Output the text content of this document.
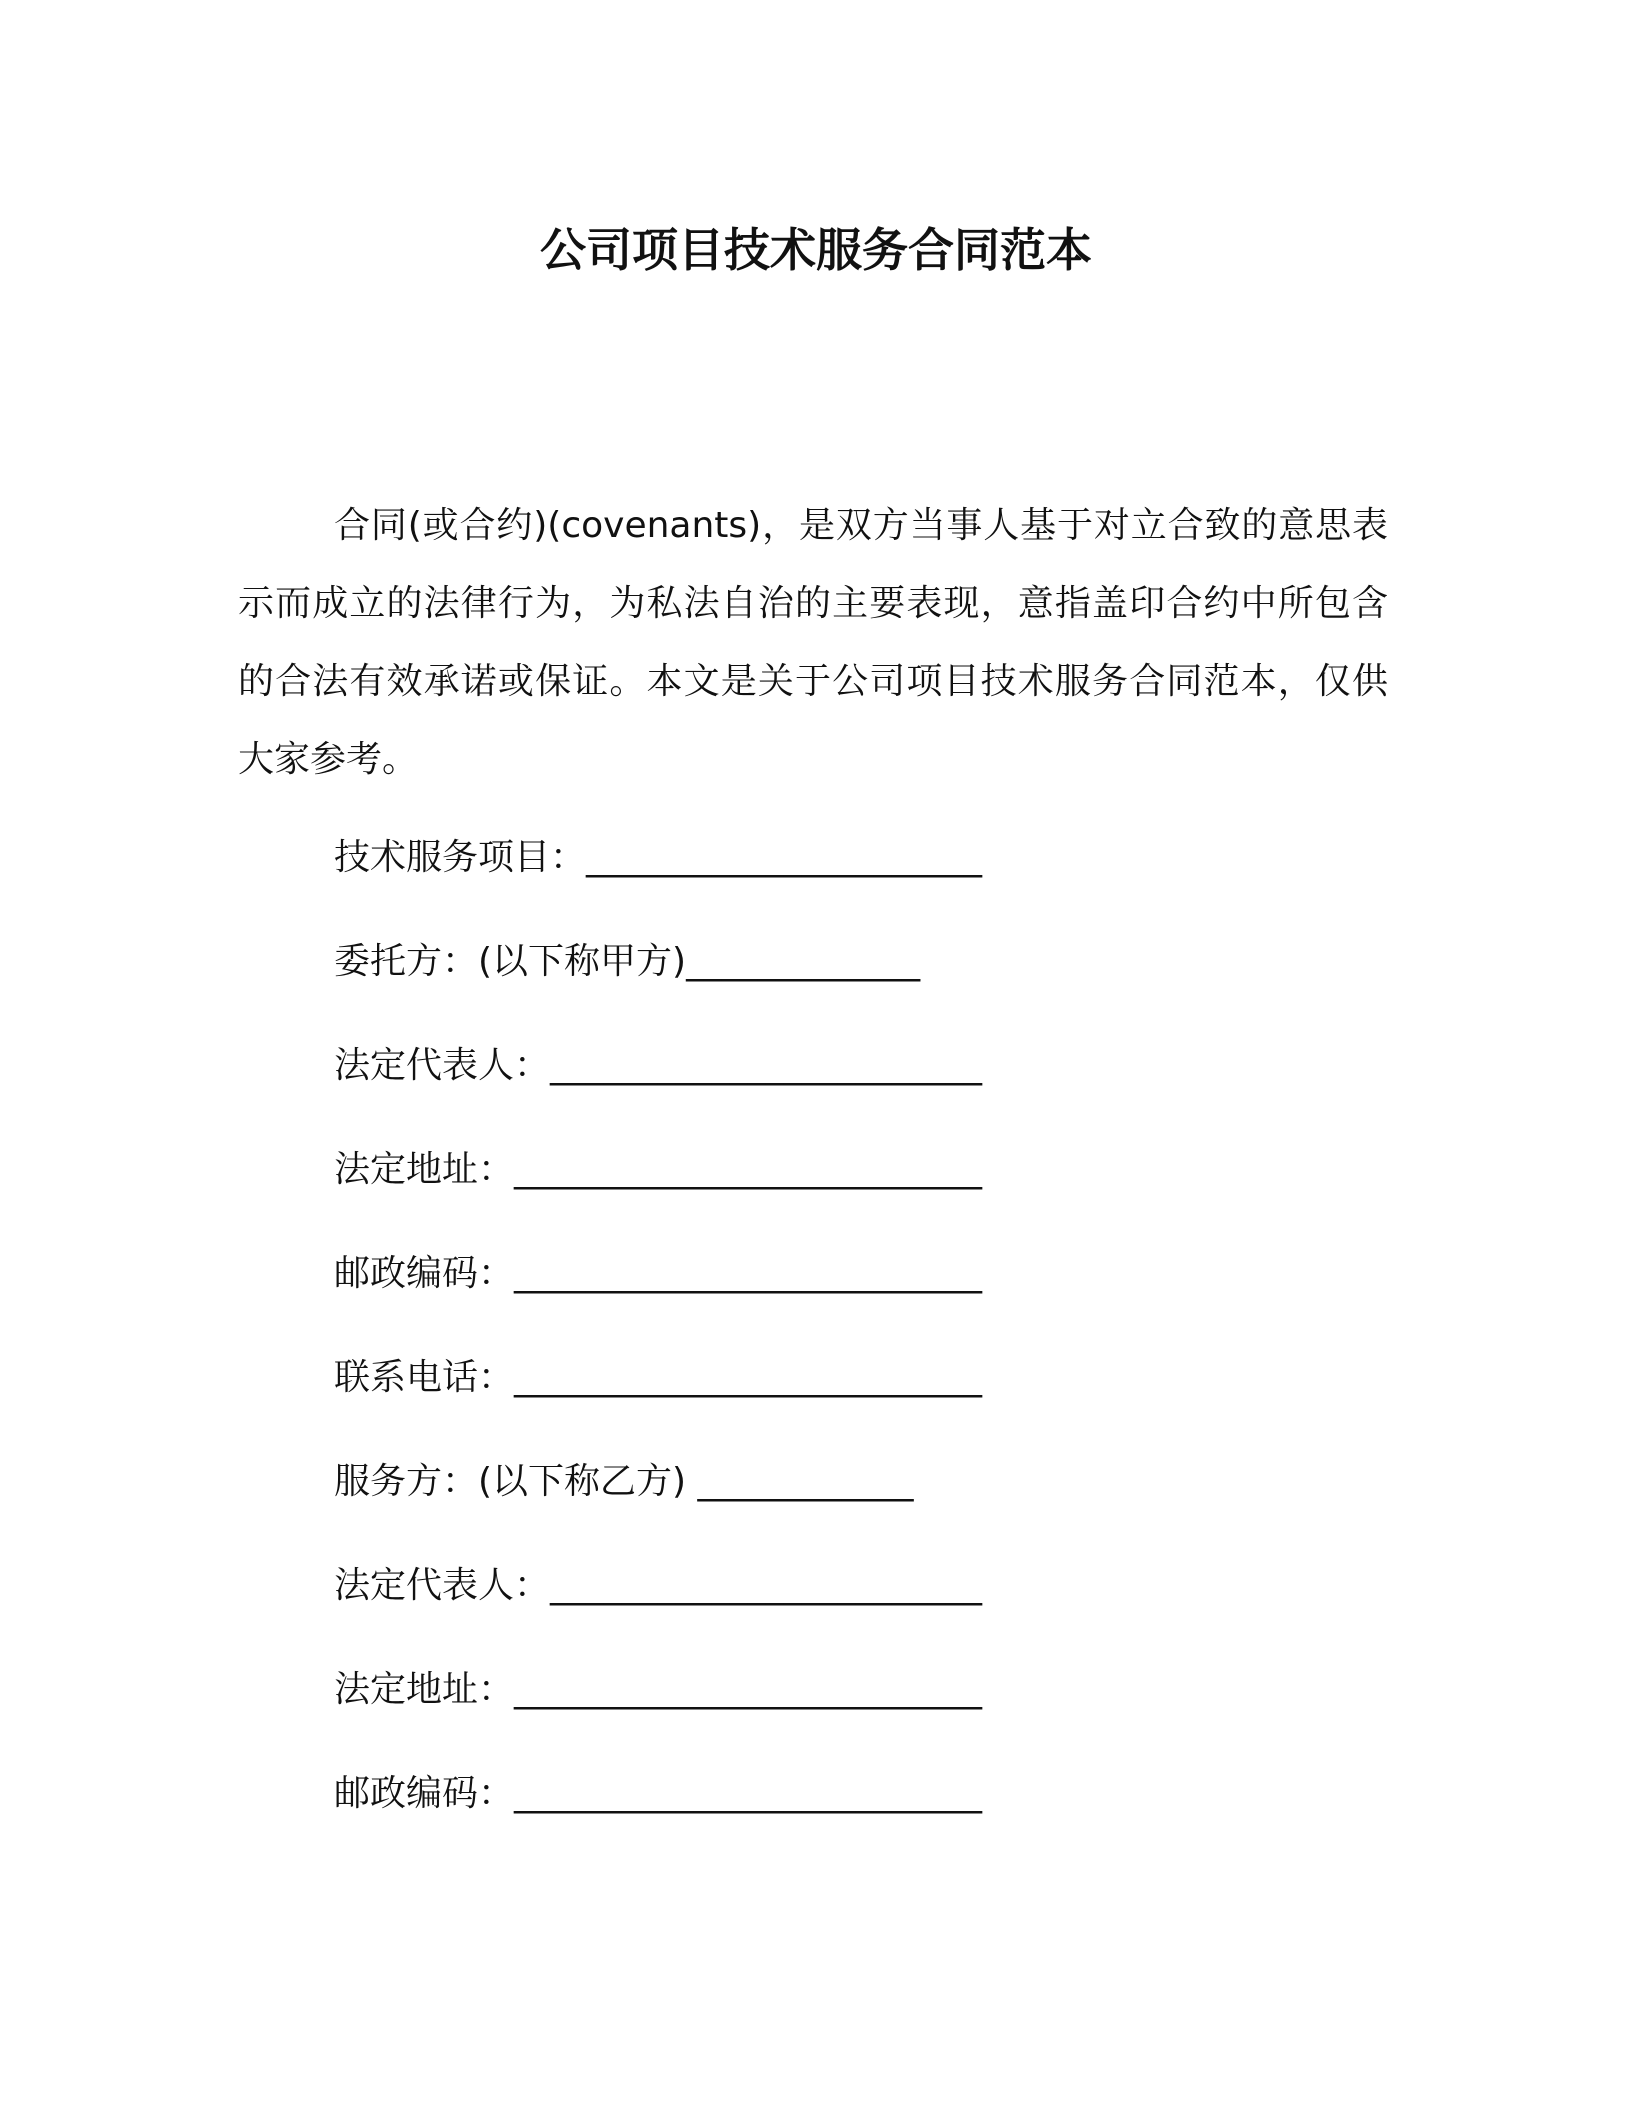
公司项目技术服务合同范本

合同(或合约)(covenants)，是双方当事人基于对立合致的意思表示而成立的法律行为，为私法自治的主要表现，意指盖印合约中所包含的合法有效承诺或保证。本文是关于公司项目技术服务合同范本，仅供大家参考。

技术服务项目：______________________
委托方：(以下称甲方)_____________
法定代表人：________________________
法定地址：__________________________
邮政编码：__________________________
联系电话：__________________________
服务方：(以下称乙方) ____________
法定代表人：________________________
法定地址：__________________________
邮政编码：__________________________
